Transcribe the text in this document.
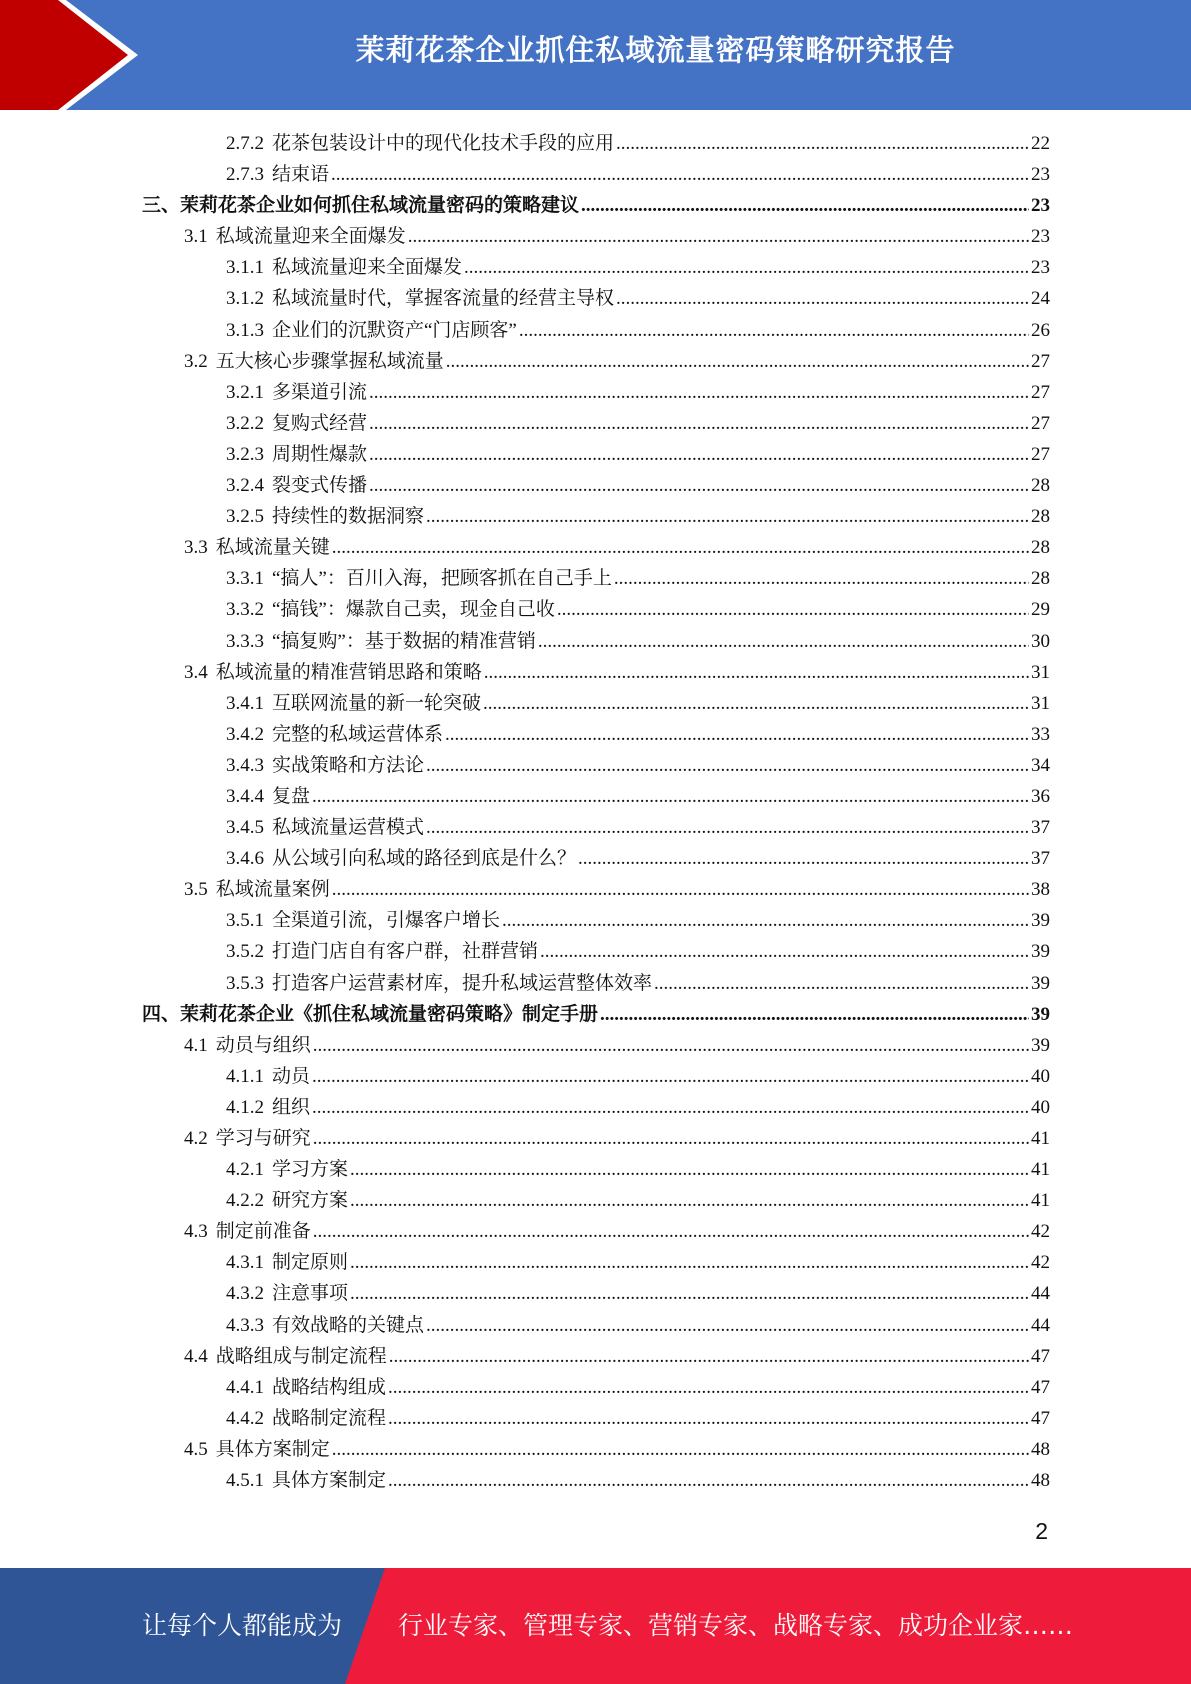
茉莉花茶企业抓住私域流量密码策略研究报告
2.7.2 花茶包装设计中的现代化技术手段的应用 .....	22
2.7.3 结束语 .....	23
三、 茉莉花茶企业如何抓住私域流量密码的策略建议 .....	23
3.1 私域流量迎来全面爆发 .....	23
3.1.1 私域流量迎来全面爆发 .....	23
3.1.2 私域流量时代，掌握客流量的经营主导权 .....	24
3.1.3 企业们的沉默资产“门店顾客” .....	26
3.2 五大核心步骤掌握私域流量 .....	27
3.2.1 多渠道引流 .....	27
3.2.2 复购式经营 .....	27
3.2.3 周期性爆款 .....	27
3.2.4 裂变式传播 .....	28
3.2.5 持续性的数据洞察 .....	28
3.3 私域流量关键 .....	28
3.3.1 “搞人”：百川入海，把顾客抓在自己手上 .....	28
3.3.2 “搞钱”：爆款自己卖，现金自己收 .....	29
3.3.3 “搞复购”：基于数据的精准营销 .....	30
3.4 私域流量的精准营销思路和策略 .....	31
3.4.1 互联网流量的新一轮突破 .....	31
3.4.2 完整的私域运营体系 .....	33
3.4.3 实战策略和方法论 .....	34
3.4.4 复盘 .....	36
3.4.5 私域流量运营模式 .....	37
3.4.6 从公域引向私域的路径到底是什么？ .....	37
3.5 私域流量案例 .....	38
3.5.1 全渠道引流，引爆客户增长 .....	39
3.5.2 打造门店自有客户群，社群营销 .....	39
3.5.3 打造客户运营素材库，提升私域运营整体效率 .....	39
四、 茉莉花茶企业《抓住私域流量密码策略》制定手册 .....	39
4.1 动员与组织 .....	39
4.1.1 动员 .....	40
4.1.2 组织 .....	40
4.2 学习与研究 .....	41
4.2.1 学习方案 .....	41
4.2.2 研究方案 .....	41
4.3 制定前准备 .....	42
4.3.1 制定原则 .....	42
4.3.2 注意事项 .....	44
4.3.3 有效战略的关键点 .....	44
4.4 战略组成与制定流程 .....	47
4.4.1 战略结构组成 .....	47
4.4.2 战略制定流程 .....	47
4.5 具体方案制定 .....	48
4.5.1 具体方案制定 .....	48
2
让每个人都能成为 行业专家、管理专家、营销专家、战略专家、成功企业家……
